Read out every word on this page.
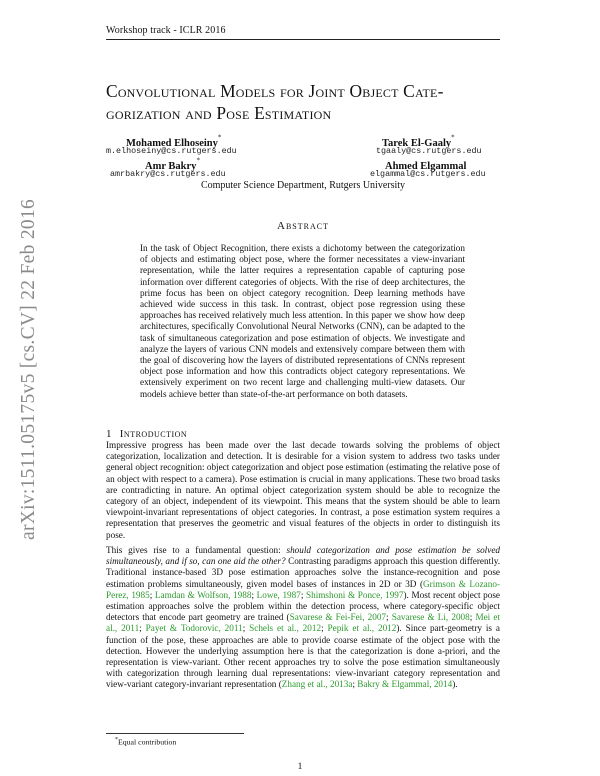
Workshop track - ICLR 2016
Convolutional Models for Joint Object Cate-
gorization and Pose Estimation
Mohamed Elhoseiny*
m.elhoseiny@cs.rutgers.edu
Tarek El-Gaaly*
tgaaly@cs.rutgers.edu
Amr Bakry*
amrbakry@cs.rutgers.edu
Ahmed Elgammal
elgammal@cs.rutgers.edu
Computer Science Department, Rutgers University
Abstract
In the task of Object Recognition, there exists a dichotomy between the categorization of objects and estimating object pose, where the former necessitates a view-invariant representation, while the latter requires a representation capable of capturing pose information over different categories of objects. With the rise of deep architectures, the prime focus has been on object category recognition. Deep learning methods have achieved wide success in this task. In contrast, object pose regression using these approaches has received relatively much less attention. In this paper we show how deep architectures, specifically Convolutional Neural Networks (CNN), can be adapted to the task of simultaneous categorization and pose estimation of objects. We investigate and analyze the layers of various CNN models and extensively compare between them with the goal of discovering how the layers of distributed representations of CNNs represent object pose information and how this contradicts object category representations. We extensively experiment on two recent large and challenging multi-view datasets. Our models achieve better than state-of-the-art performance on both datasets.
1 Introduction
Impressive progress has been made over the last decade towards solving the problems of object categorization, localization and detection. It is desirable for a vision system to address two tasks under general object recognition: object categorization and object pose estimation (estimating the relative pose of an object with respect to a camera). Pose estimation is crucial in many applications. These two broad tasks are contradicting in nature. An optimal object categorization system should be able to recognize the category of an object, independent of its viewpoint. This means that the system should be able to learn viewpoint-invariant representations of object categories. In contrast, a pose estimation system requires a representation that preserves the geometric and visual features of the objects in order to distinguish its pose.
This gives rise to a fundamental question: should categorization and pose estimation be solved simultaneously, and if so, can one aid the other? Contrasting paradigms approach this question differently. Traditional instance-based 3D pose estimation approaches solve the instance-recognition and pose estimation problems simultaneously, given model bases of instances in 2D or 3D (Grimson & Lozano-Perez, 1985; Lamdan & Wolfson, 1988; Lowe, 1987; Shimshoni & Ponce, 1997). Most recent object pose estimation approaches solve the problem within the detection process, where category-specific object detectors that encode part geometry are trained (Savarese & Fei-Fei, 2007; Savarese & Li, 2008; Mei et al., 2011; Payet & Todorovic, 2011; Schels et al., 2012; Pepik et al., 2012). Since part-geometry is a function of the pose, these approaches are able to provide coarse estimate of the object pose with the detection. However the underlying assumption here is that the categorization is done a-priori, and the representation is view-variant. Other recent approaches try to solve the pose estimation simultaneously with categorization through learning dual representations: view-invariant category representation and view-variant category-invariant representation (Zhang et al., 2013a; Bakry & Elgammal, 2014).
*Equal contribution
1
arXiv:1511.05175v5 [cs.CV] 22 Feb 2016
